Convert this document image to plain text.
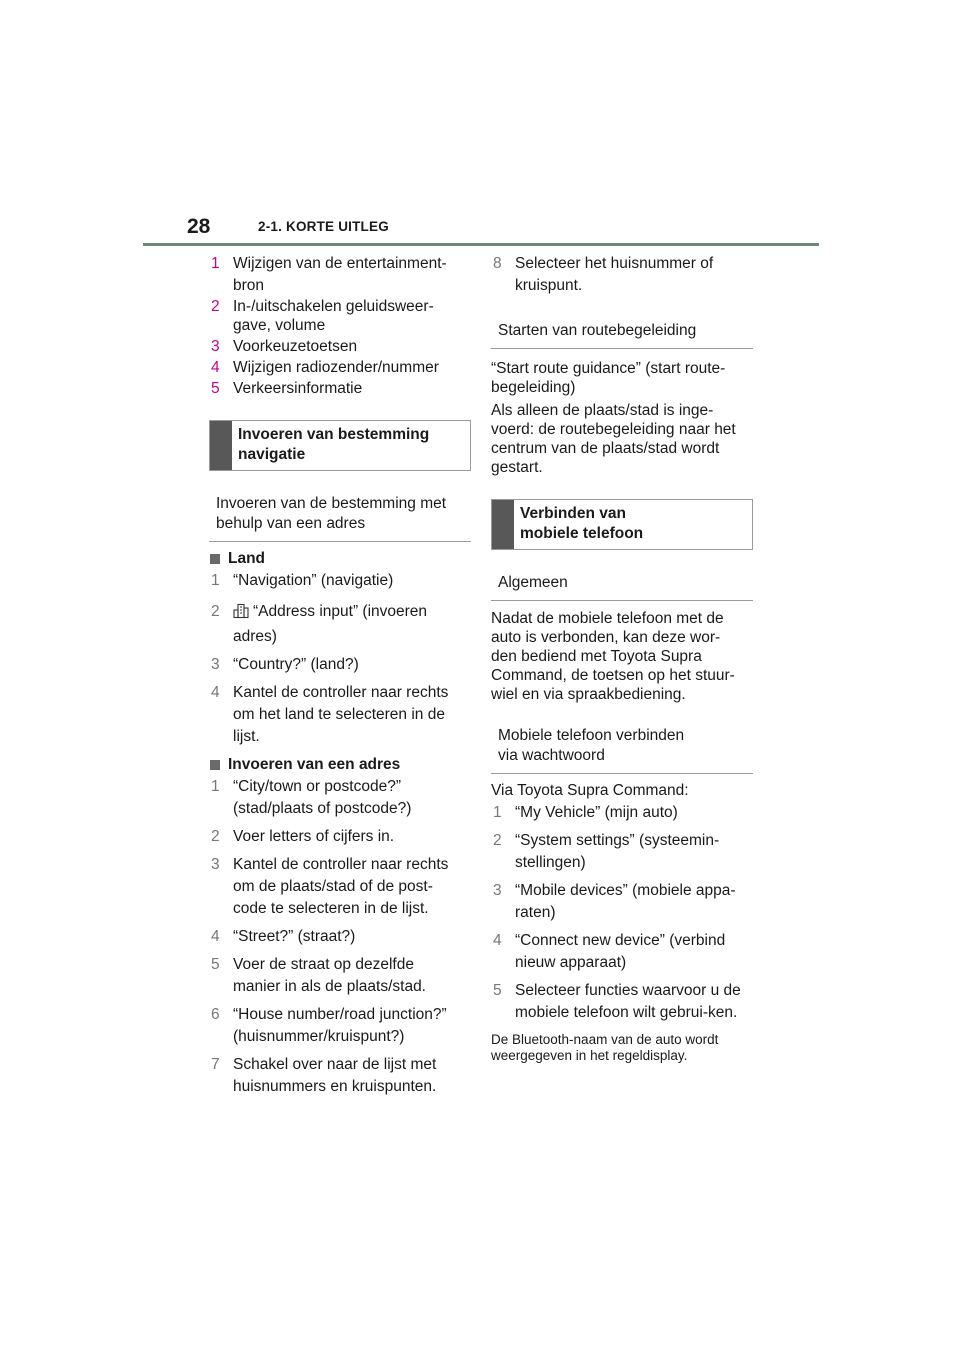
28	2-1. KORTE UITLEG
1 Wijzigen van de entertainment-bron
2 In-/uitschakelen geluidsweer-gave, volume
3 Voorkeuzetoetsen
4 Wijzigen radiozender/nummer
5 Verkeersinformatie
Invoeren van bestemming navigatie
Invoeren van de bestemming met behulp van een adres
Land
1 “Navigation” (navigatie)
2	“Address input” (invoeren adres)
3 “Country?” (land?)
4 Kantel de controller naar rechts om het land te selecteren in de lijst.
Invoeren van een adres
1 “City/town or postcode?” (stad/plaats of postcode?)
2 Voer letters of cijfers in.
3 Kantel de controller naar rechts om de plaats/stad of de post-code te selecteren in de lijst.
4 “Street?” (straat?)
5 Voer de straat op dezelfde manier in als de plaats/stad.
6 “House number/road junction?” (huisnummer/kruispunt?)
7 Schakel over naar de lijst met huisnummers en kruispunten.
8 Selecteer het huisnummer of kruispunt.
Starten van routebegeleiding
“Start route guidance” (start route-begeleiding)
Als alleen de plaats/stad is inge-voerd: de routebegeleiding naar het centrum van de plaats/stad wordt gestart.
Verbinden van mobiele telefoon
Algemeen
Nadat de mobiele telefoon met de auto is verbonden, kan deze wor-den bediend met Toyota Supra Command, de toetsen op het stuur-wiel en via spraakbediening.
Mobiele telefoon verbinden via wachtwoord
Via Toyota Supra Command:
1 “My Vehicle” (mijn auto)
2 “System settings” (systeemin-stellingen)
3 “Mobile devices” (mobiele appa-raten)
4 “Connect new device” (verbind nieuw apparaat)
5 Selecteer functies waarvoor u de mobiele telefoon wilt gebrui-ken.
De Bluetooth-naam van de auto wordt weergegeven in het regeldisplay.
